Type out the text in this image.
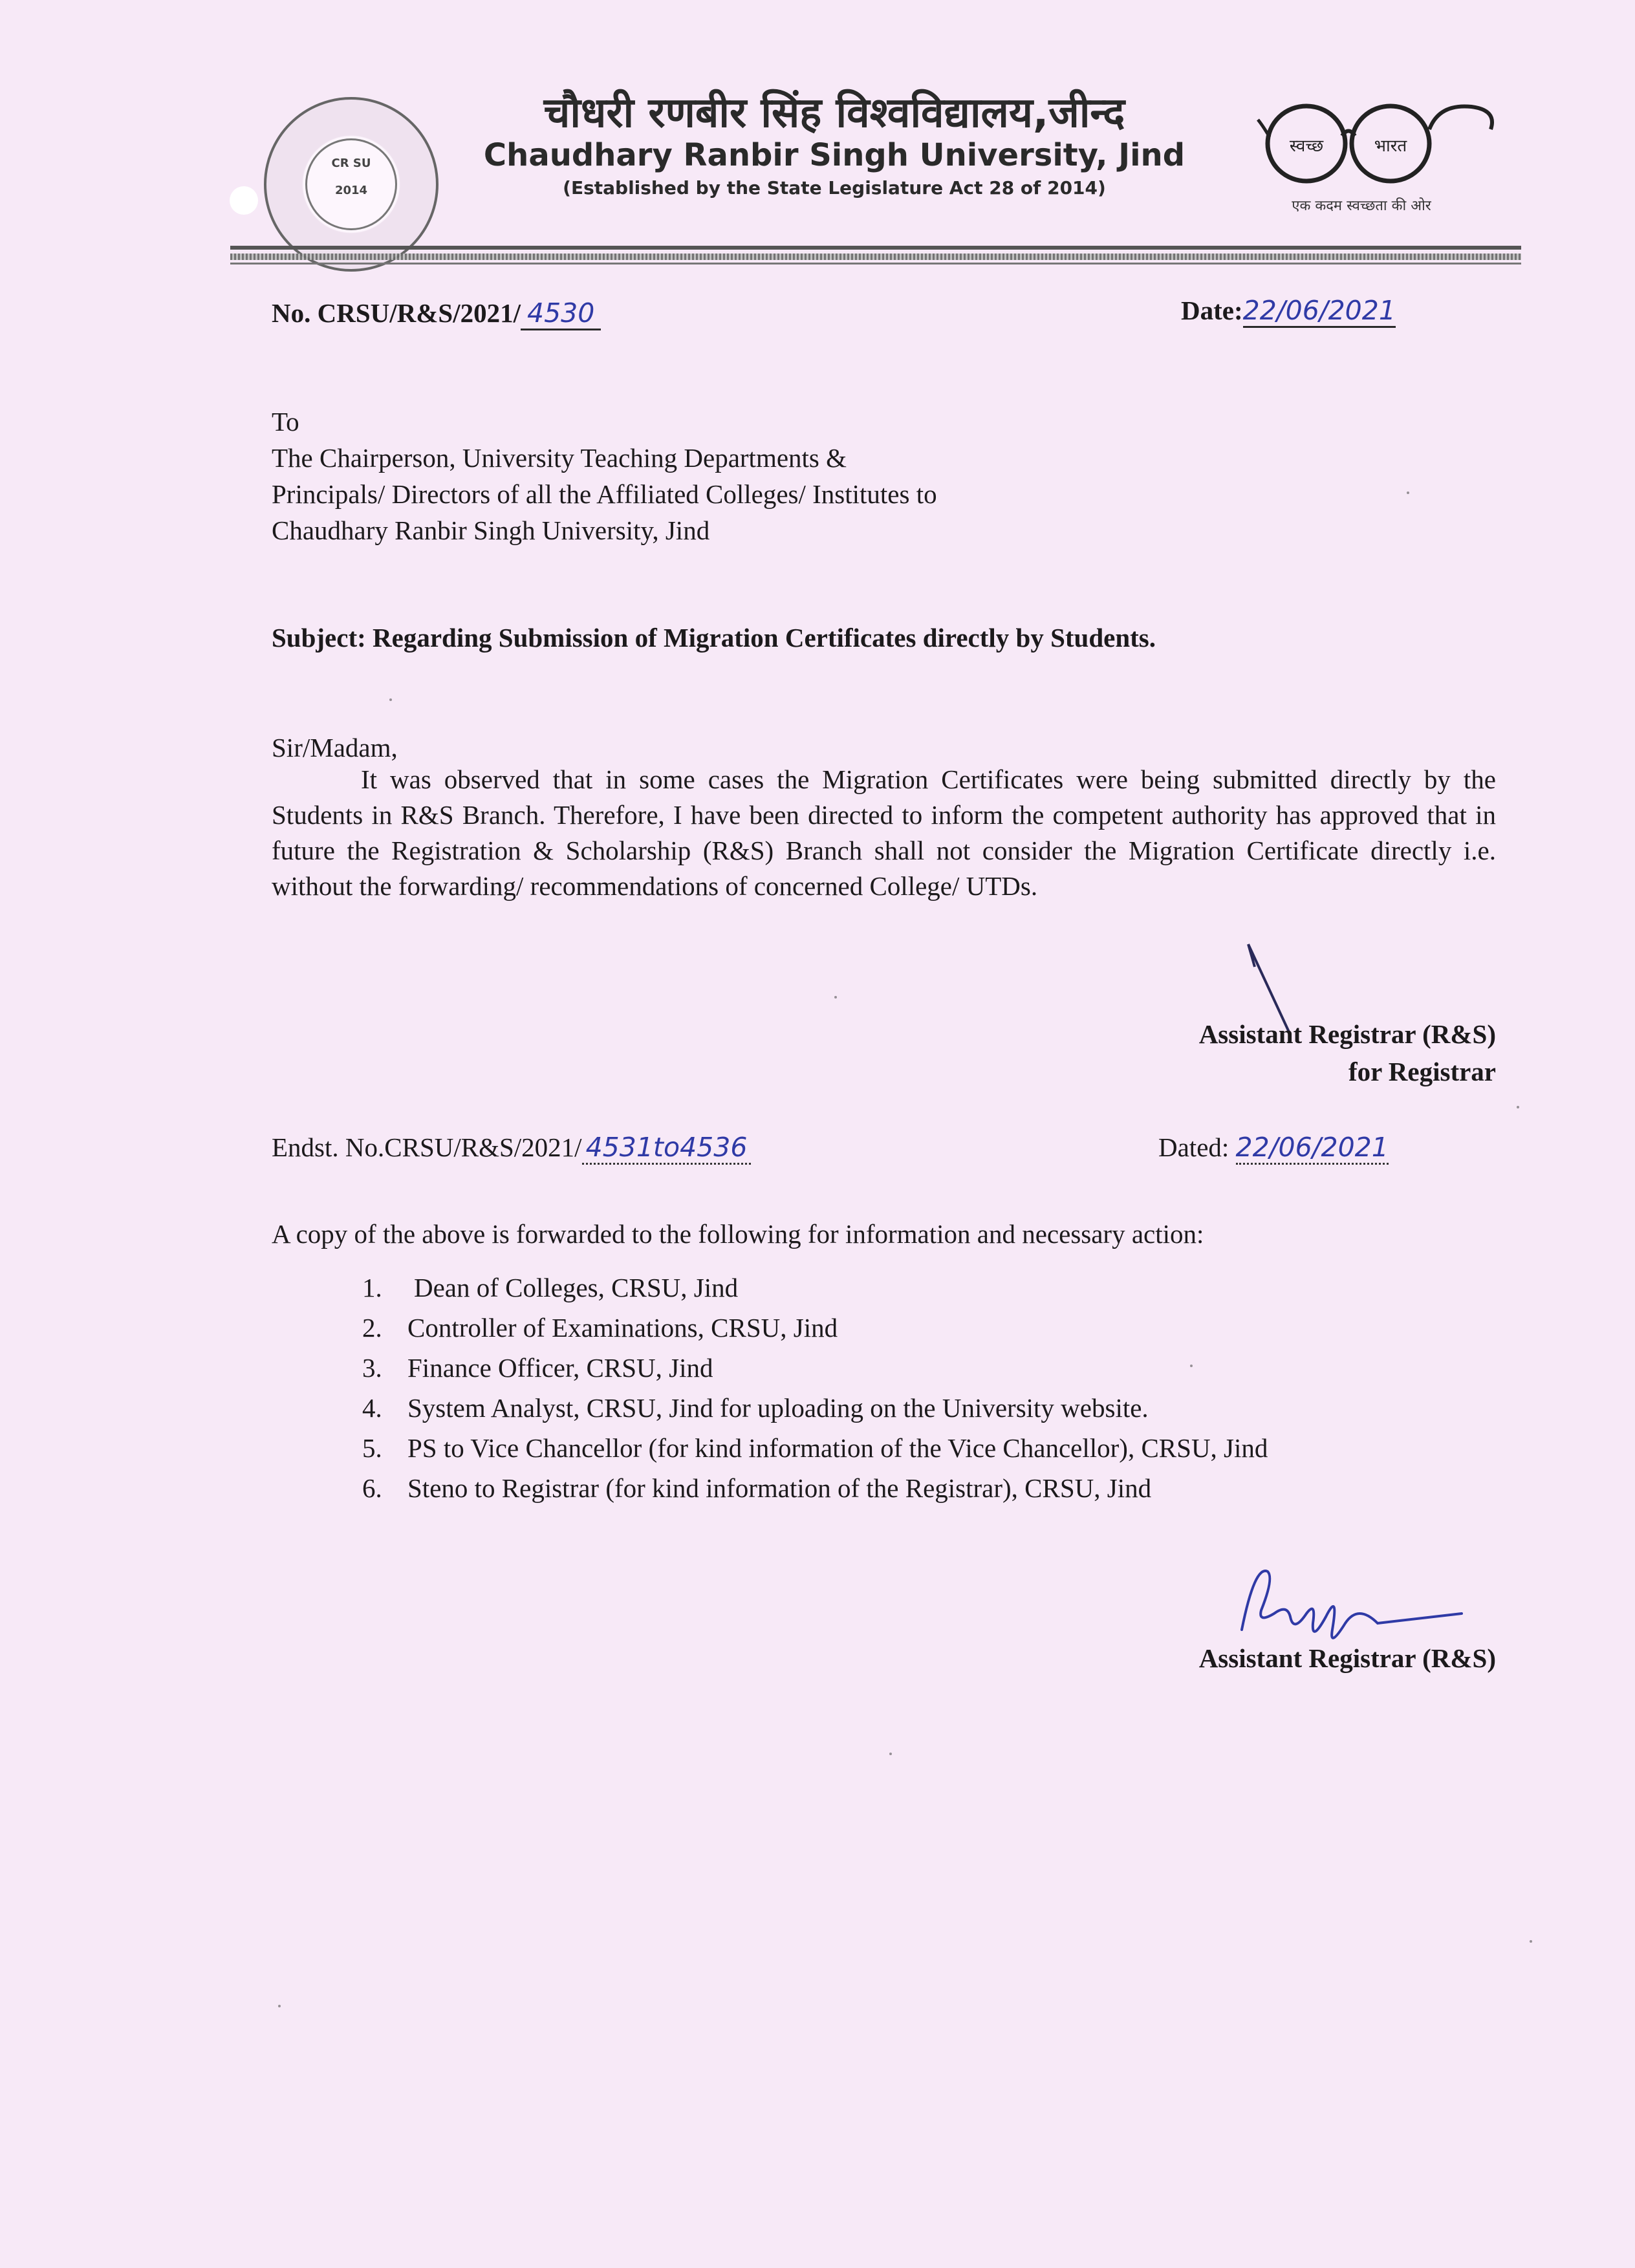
CR SU
2014
चौधरी रणबीर सिंह विश्वविद्यालय,जीन्द
Chaudhary Ranbir Singh University, Jind
(Established by the State Legislature Act 28 of 2014)
स्वच्छ	भारत
एक कदम स्वच्छता की ओर
No. CRSU/R&S/2021/ 4530	Date:22/06/2021
To
The Chairperson, University Teaching Departments &
Principals/ Directors of all the Affiliated Colleges/ Institutes to
Chaudhary Ranbir Singh University, Jind
Subject: Regarding Submission of Migration Certificates directly by Students.
Sir/Madam,
It was observed that in some cases the Migration Certificates were being submitted directly by the Students in R&S Branch. Therefore, I have been directed to inform the competent authority has approved that in future the Registration & Scholarship (R&S) Branch shall not consider the Migration Certificate directly i.e. without the forwarding/ recommendations of concerned College/ UTDs.
Assistant Registrar (R&S)
for Registrar
Endst. No.CRSU/R&S/2021/ 4531to4536	Dated: 22/06/2021
A copy of the above is forwarded to the following for information and necessary action:
1.	Dean of Colleges, CRSU, Jind
2. Controller of Examinations, CRSU, Jind
3. Finance Officer, CRSU, Jind
4. System Analyst, CRSU, Jind for uploading on the University website.
5. PS to Vice Chancellor (for kind information of the Vice Chancellor), CRSU, Jind
6. Steno to Registrar (for kind information of the Registrar), CRSU, Jind
Assistant Registrar (R&S)
